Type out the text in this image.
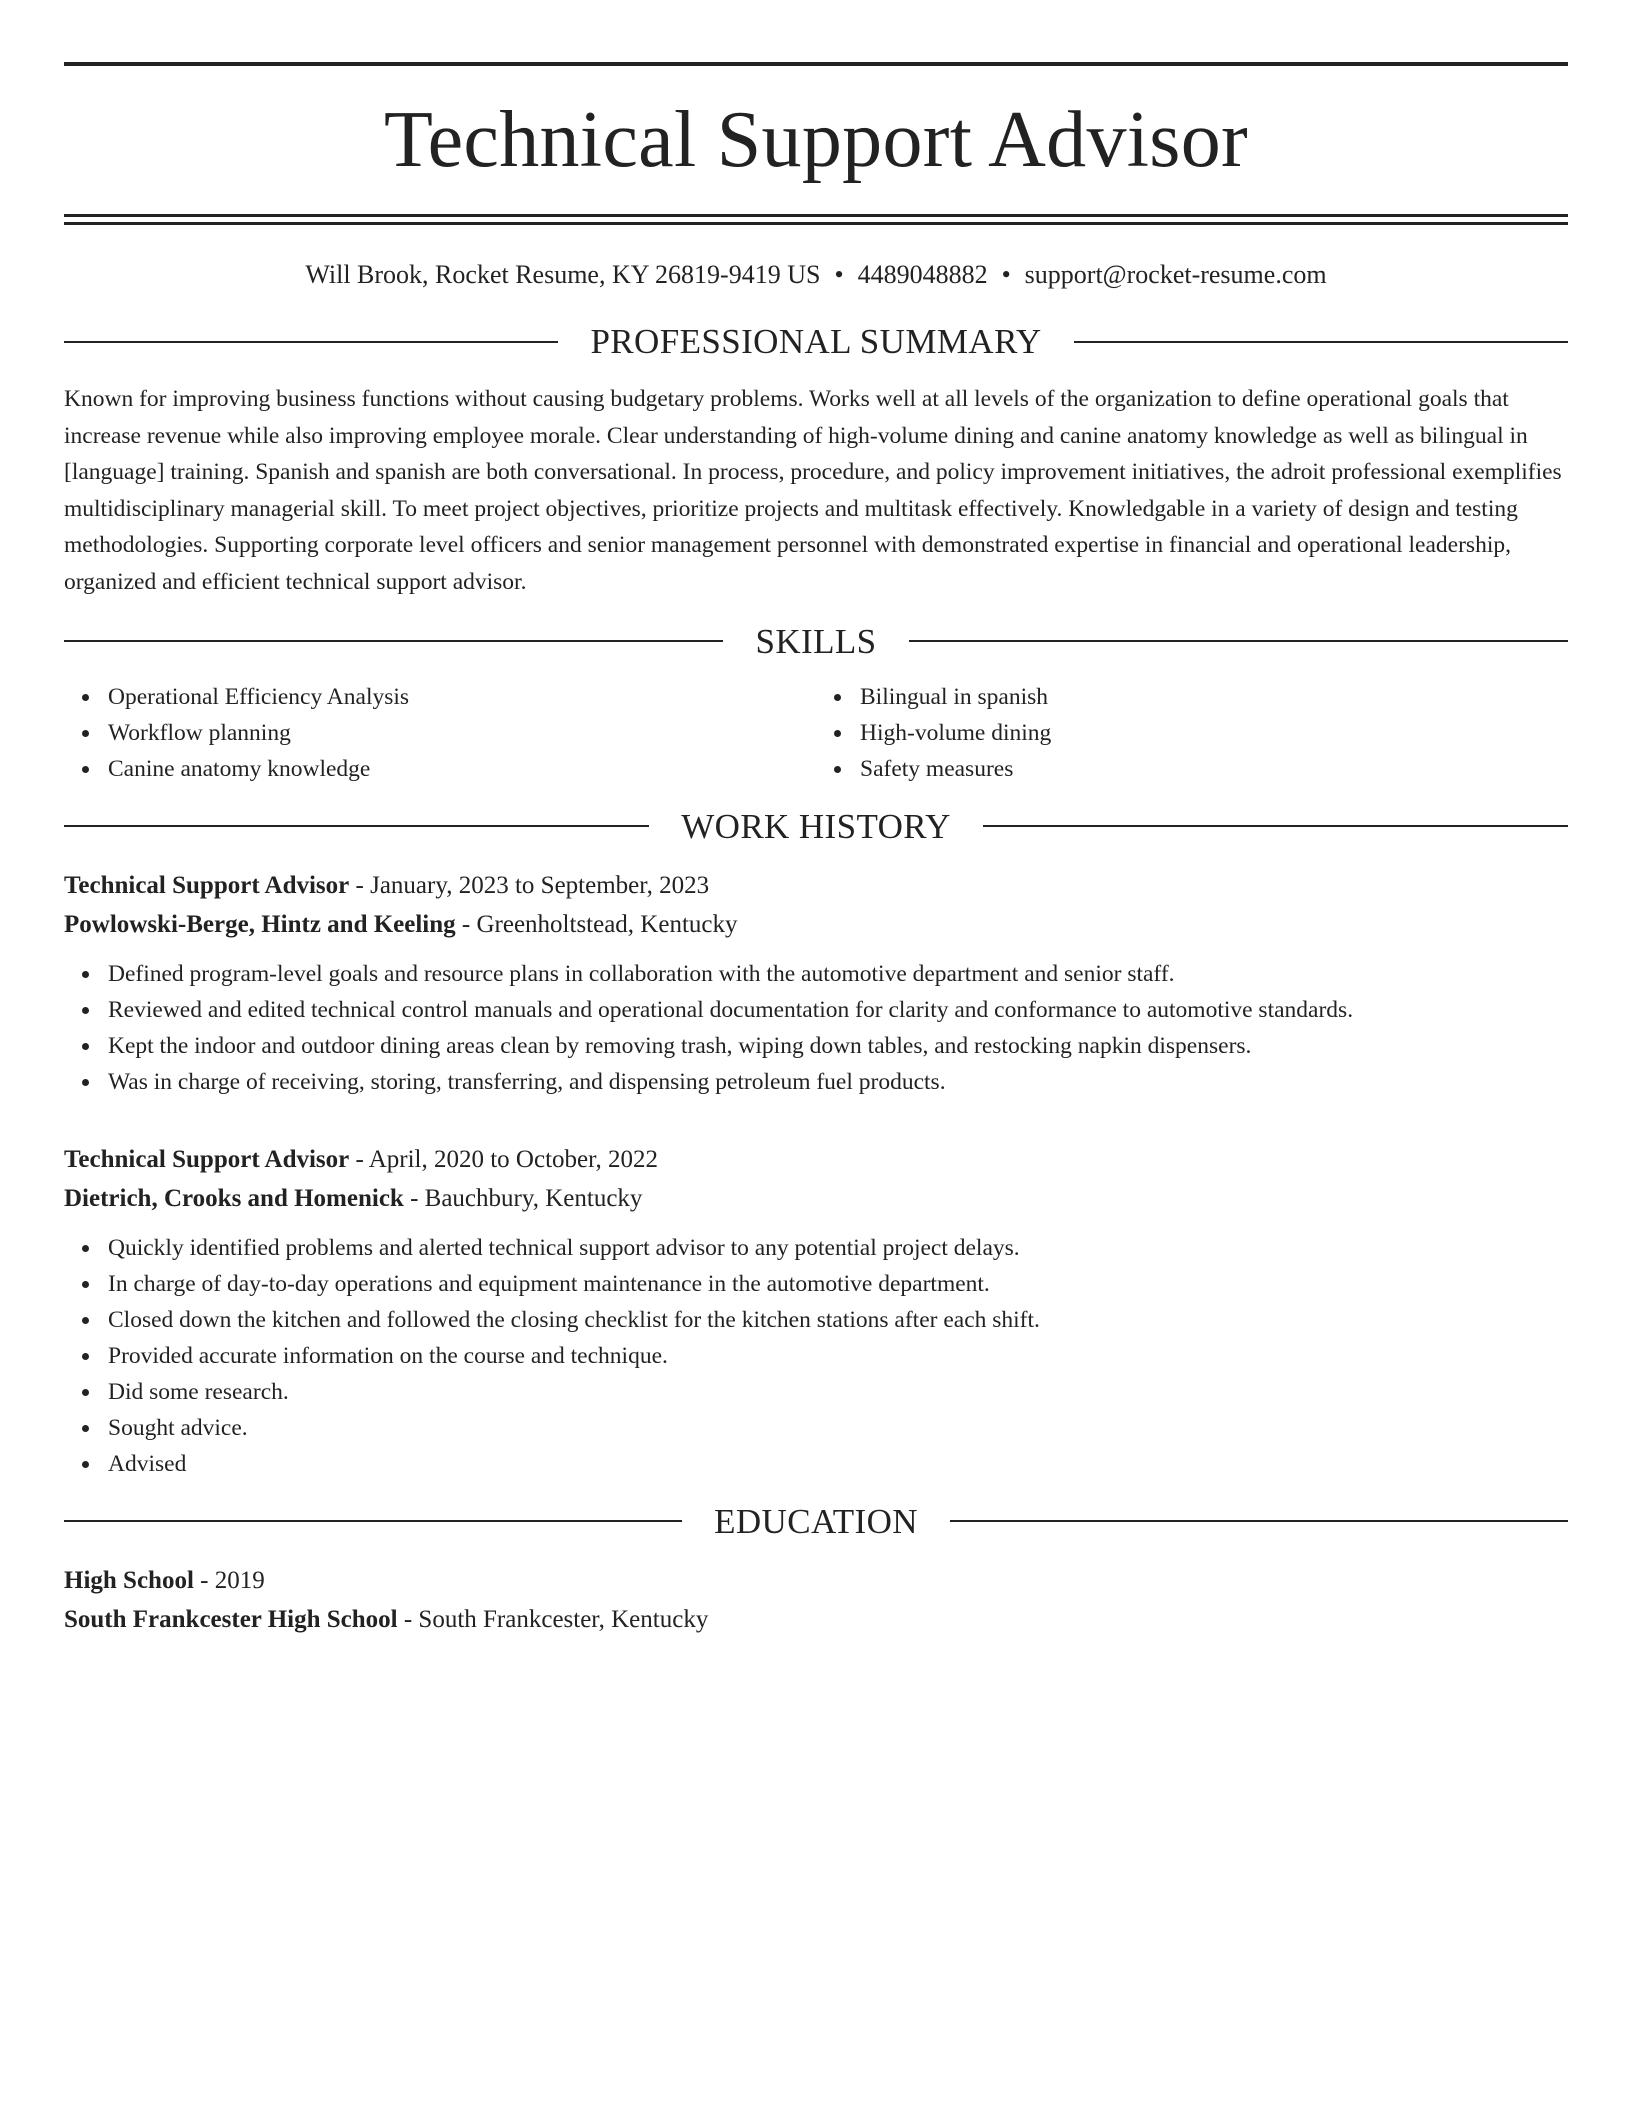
Technical Support Advisor
Will Brook, Rocket Resume, KY 26819-9419 US • 4489048882 • support@rocket-resume.com
PROFESSIONAL SUMMARY

Known for improving business functions without causing budgetary problems. Works well at all levels of the organization to define operational goals that increase revenue while also improving employee morale. Clear understanding of high-volume dining and canine anatomy knowledge as well as bilingual in [language] training. Spanish and spanish are both conversational. In process, procedure, and policy improvement initiatives, the adroit professional exemplifies multidisciplinary managerial skill. To meet project objectives, prioritize projects and multitask effectively. Knowledgable in a variety of design and testing methodologies. Supporting corporate level officers and senior management personnel with demonstrated expertise in financial and operational leadership, organized and efficient technical support advisor.

SKILLS
Operational Efficiency Analysis
Workflow planning
Canine anatomy knowledge
Bilingual in spanish
High-volume dining
Safety measures
WORK HISTORY
Technical Support Advisor - January, 2023 to September, 2023
Powlowski-Berge, Hintz and Keeling - Greenholtstead, Kentucky
Defined program-level goals and resource plans in collaboration with the automotive department and senior staff.
Reviewed and edited technical control manuals and operational documentation for clarity and conformance to automotive standards.
Kept the indoor and outdoor dining areas clean by removing trash, wiping down tables, and restocking napkin dispensers.
Was in charge of receiving, storing, transferring, and dispensing petroleum fuel products.
Technical Support Advisor - April, 2020 to October, 2022
Dietrich, Crooks and Homenick - Bauchbury, Kentucky
Quickly identified problems and alerted technical support advisor to any potential project delays.
In charge of day-to-day operations and equipment maintenance in the automotive department.
Closed down the kitchen and followed the closing checklist for the kitchen stations after each shift.
Provided accurate information on the course and technique.
Did some research.
Sought advice.
Advised
EDUCATION
High School - 2019
South Frankcester High School - South Frankcester, Kentucky
